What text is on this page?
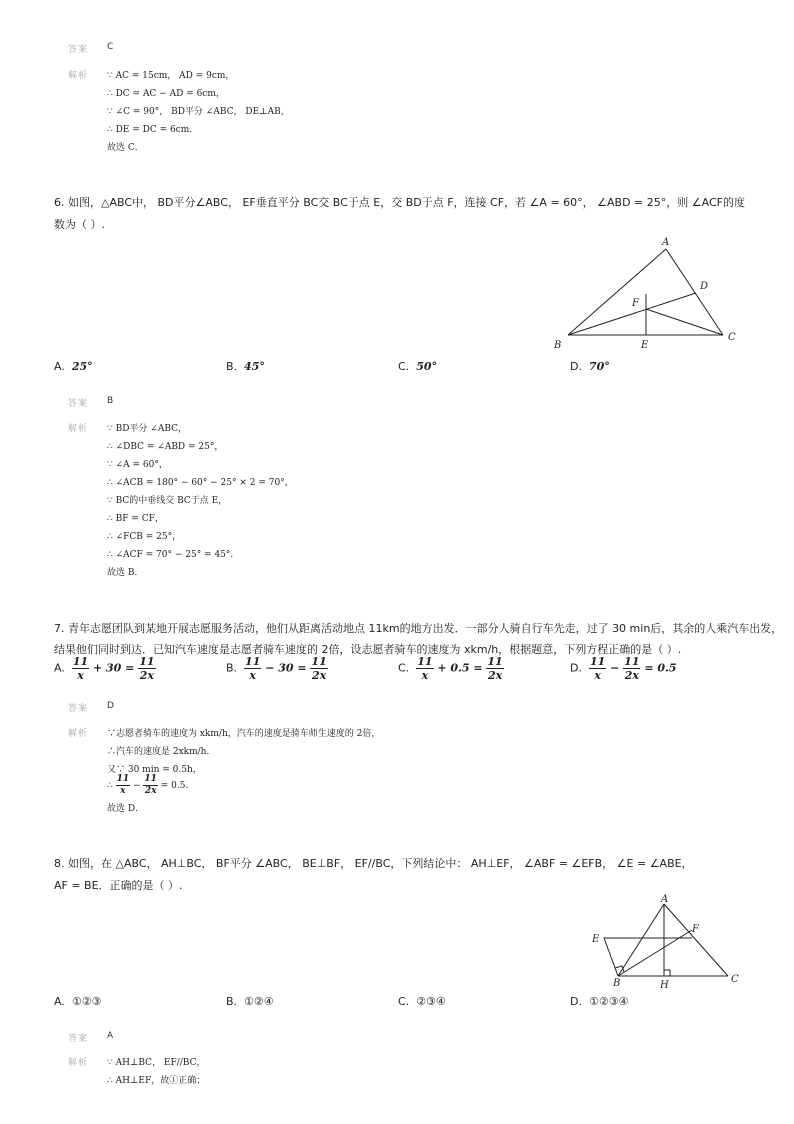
答案 C
解析 ∵ AC = 15cm， AD = 9cm，
∴ DC = AC − AD = 6cm，
∵ ∠C = 90°， BD平分 ∠ABC， DE⊥AB，
∴ DE = DC = 6cm．
故选 C．
6. 如图，△ABC中， BD平分∠ABC， EF垂直平分 BC交 BC于点 E，交 BD于点 F，连接 CF，若 ∠A = 60°， ∠ABD = 25°，则 ∠ACF的度
数为（ ）.
A
B
C
D
E
F
A. 25°	B. 45°	C. 50°	D. 70°
答案 B
解析 ∵ BD平分 ∠ABC，
∴ ∠DBC = ∠ABD = 25°，
∵ ∠A = 60°，
∴ ∠ACB = 180° − 60° − 25° × 2 = 70°，
∵ BC的中垂线交 BC于点 E，
∴ BF = CF，
∴ ∠FCB = 25°，
∴ ∠ACF = 70° − 25° = 45°．
故选 B．
7. 青年志愿团队到某地开展志愿服务活动，他们从距离活动地点 11km的地方出发．一部分人骑自行车先走，过了 30 min后，其余的人乘汽车出发，
结果他们同时到达．已知汽车速度是志愿者骑车速度的 2倍，设志愿者骑车的速度为 xkm/h，根据题意，下列方程正确的是（ ）.
A. $\frac{11}{x} + 30 = \frac{11}{2x}$	B. $\frac{11}{x} - 30 = \frac{11}{2x}$	C. $\frac{11}{x} + 0.5 = \frac{11}{2x}$	D. $\frac{11}{x} - \frac{11}{2x} = 0.5$
答案 D
解析 ∵志愿者骑车的速度为 xkm/h，汽车的速度是骑车师生速度的 2倍，
∴汽车的速度是 2xkm/h．
又∵ 30 min = 0.5h，
∴ $\frac{11}{x} - \frac{11}{2x} = 0.5$．
故选 D．
8. 如图，在 △ABC， AH⊥BC， BF平分 ∠ABC， BE⊥BF， EF//BC，下列结论中： AH⊥EF， ∠ABF = ∠EFB， ∠E = ∠ABE，
AF = BE．正确的是（ ）.
A
B	C
E
F
H
A. ①②③	B. ①②④	C. ②③④	D. ①②③④
答案 A
解析 ∵ AH⊥BC， EF//BC，
∴ AH⊥EF，故①正确；
